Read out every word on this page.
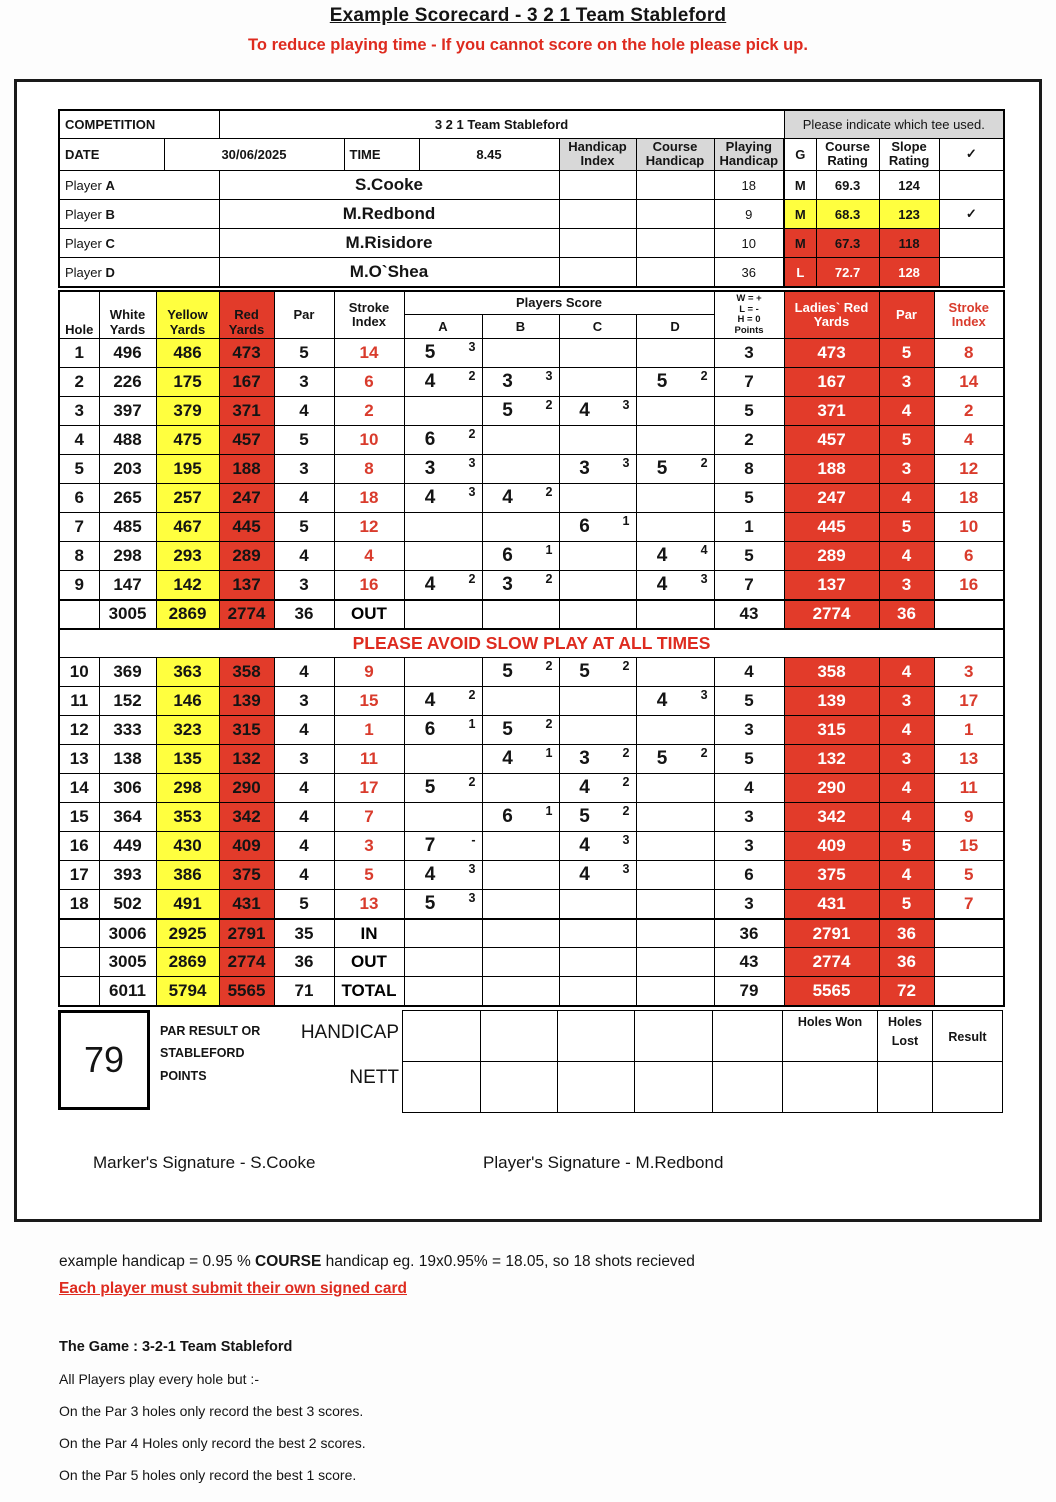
Example Scorecard - 3 2 1 Team Stableford
To reduce playing time - If you cannot score on the hole please pick up.
COMPETITION		3 2 1 Team Stableford						Please indicate which tee used.			
DATE	30/06/2025		TIME	8.45	Handicap Index	Course Handicap	Playing Handicap	G	Course Rating	Slope Rating	✓
Player A		S.Cooke					18	M	69.3	124	
Player B		M.Redbond					9	M	68.3	123	✓
Player C		M.Risidore					10	M	67.3	118	
Player D		M.O`Shea					36	L	72.7	128	
Hole	White Yards	Yellow Yards	Red Yards	Par	Stroke Index	Players Score				W = +
L = -
H = 0
Points	Ladies` Red Yards	Par	Stroke Index
						A	B	C	D				
1	496	486	473	5	14	5 3				3	473	5	8
2	226	175	167	3	6	4 2	3 3		5 2	7	167	3	14
3	397	379	371	4	2		5 2	4 3		5	371	4	2
4	488	475	457	5	10	6 2				2	457	5	4
5	203	195	188	3	8	3 3		3 3	5 2	8	188	3	12
6	265	257	247	4	18	4 3	4 2			5	247	4	18
7	485	467	445	5	12			6 1		1	445	5	10
8	298	293	289	4	4		6 1		4 4	5	289	4	6
9	147	142	137	3	16	4 2	3 2		4 3	7	137	3	16
	3005	2869	2774	36	OUT					43	2774	36	
PLEASE AVOID SLOW PLAY AT ALL TIMES													
10	369	363	358	4	9		5 2	5 2		4	358	4	3
11	152	146	139	3	15	4 2			4 3	5	139	3	17
12	333	323	315	4	1	6 1	5 2			3	315	4	1
13	138	135	132	3	11		4 1	3 2	5 2	5	132	3	13
14	306	298	290	4	17	5 2		4 2		4	290	4	11
15	364	353	342	4	7		6 1	5 2		3	342	4	9
16	449	430	409	4	3	7 -		4 3		3	409	5	15
17	393	386	375	4	5	4 3		4 3		6	375	4	5
18	502	491	431	5	13	5 3				3	431	5	7
	3006	2925	2791	35	IN					36	2791	36	
	3005	2869	2774	36	OUT					43	2774	36	
	6011	5794	5565	71	TOTAL					79	5565	72	
79
PAR RESULT OR
STABLEFORD
POINTS
HANDICAP
NETT
					Holes Won	Holes Lost	Result

Marker's Signature - S.Cooke	Player's Signature - M.Redbond
example handicap = 0.95 % COURSE handicap eg. 19x0.95% = 18.05, so 18 shots recieved
Each player must submit their own signed card
The Game : 3-2-1 Team Stableford
All Players play every hole but :-
On the Par 3 holes only record the best 3 scores.
On the Par 4 Holes only record the best 2 scores.
On the Par 5 holes only record the best 1 score.
